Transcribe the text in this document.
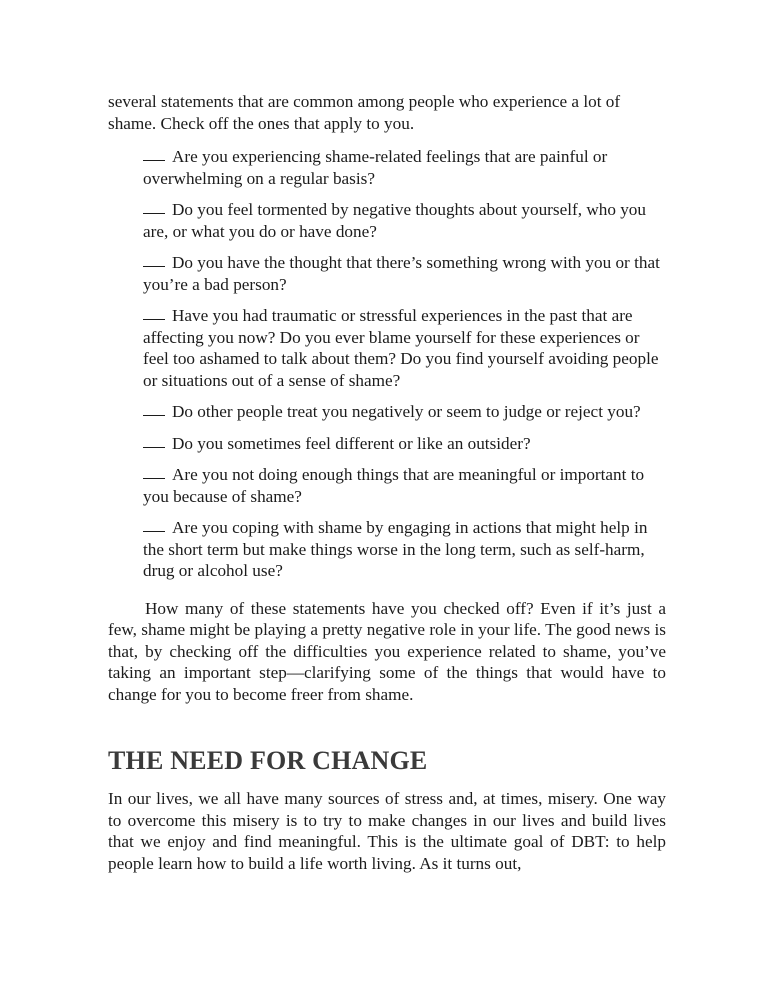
several statements that are common among people who experience a lot of shame. Check off the ones that apply to you.

Are you experiencing shame-related feelings that are painful or overwhelming on a regular basis?
Do you feel tormented by negative thoughts about yourself, who you are, or what you do or have done?
Do you have the thought that there’s something wrong with you or that you’re a bad person?
Have you had traumatic or stressful experiences in the past that are affecting you now? Do you ever blame yourself for these experiences or feel too ashamed to talk about them? Do you find yourself avoiding people or situations out of a sense of shame?
Do other people treat you negatively or seem to judge or reject you?
Do you sometimes feel different or like an outsider?
Are you not doing enough things that are meaningful or important to you because of shame?
Are you coping with shame by engaging in actions that might help in the short term but make things worse in the long term, such as self-harm, drug or alcohol use?

How many of these statements have you checked off? Even if it’s just a few, shame might be playing a pretty negative role in your life. The good news is that, by checking off the difficulties you experience related to shame, you’ve taking an important step—clarifying some of the things that would have to change for you to become freer from shame.

THE NEED FOR CHANGE

In our lives, we all have many sources of stress and, at times, misery. One way to overcome this misery is to try to make changes in our lives and build lives that we enjoy and find meaningful. This is the ultimate goal of DBT: to help people learn how to build a life worth living. As it turns out,
